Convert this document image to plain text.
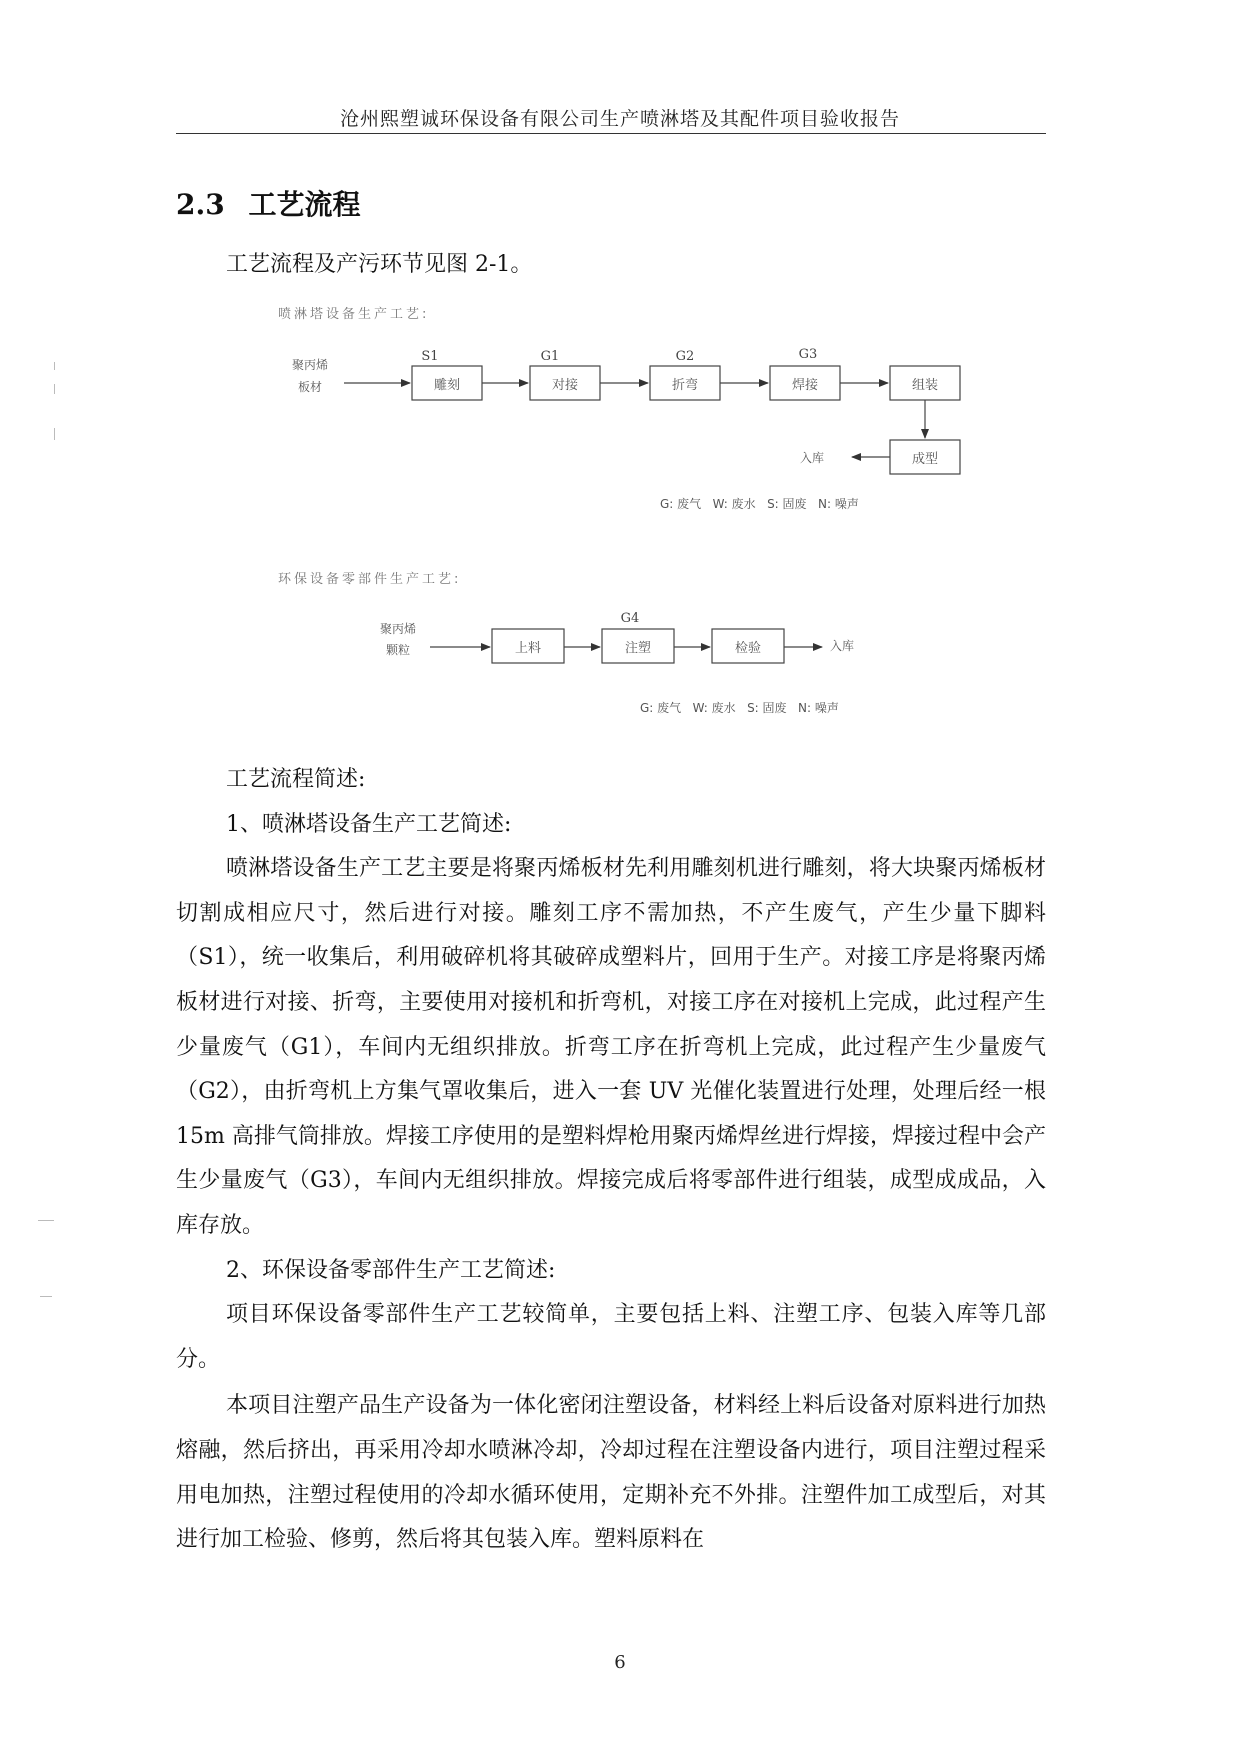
沧州熙塑诚环保设备有限公司生产喷淋塔及其配件项目验收报告
2.3 工艺流程
工艺流程及产污环节见图 2-1。
喷淋塔设备生产工艺:
聚丙烯
板材
S1
雕刻
G1
对接
G2
折弯
G3
焊接	组装
成型
入库
G: 废气   W: 废水   S: 固废   N: 噪声
环保设备零部件生产工艺:
聚丙烯
颗粒	上料
G4
注塑	检验	入库
G: 废气   W: 废水   S: 固废   N: 噪声

工艺流程简述:

1、喷淋塔设备生产工艺简述:

喷淋塔设备生产工艺主要是将聚丙烯板材先利用雕刻机进行雕刻，将大块聚丙烯板材切割成相应尺寸，然后进行对接。雕刻工序不需加热，不产生废气，产生少量下脚料（S1），统一收集后，利用破碎机将其破碎成塑料片，回用于生产。对接工序是将聚丙烯板材进行对接、折弯，主要使用对接机和折弯机，对接工序在对接机上完成，此过程产生少量废气（G1），车间内无组织排放。折弯工序在折弯机上完成，此过程产生少量废气（G2），由折弯机上方集气罩收集后，进入一套 UV 光催化装置进行处理，处理后经一根 15m 高排气筒排放。焊接工序使用的是塑料焊枪用聚丙烯焊丝进行焊接，焊接过程中会产生少量废气（G3），车间内无组织排放。焊接完成后将零部件进行组装，成型成成品，入库存放。

2、环保设备零部件生产工艺简述:

项目环保设备零部件生产工艺较简单，主要包括上料、注塑工序、包装入库等几部分。

本项目注塑产品生产设备为一体化密闭注塑设备，材料经上料后设备对原料进行加热熔融，然后挤出，再采用冷却水喷淋冷却，冷却过程在注塑设备内进行，项目注塑过程采用电加热，注塑过程使用的冷却水循环使用，定期补充不外排。注塑件加工成型后，对其进行加工检验、修剪，然后将其包装入库。塑料原料在

6
